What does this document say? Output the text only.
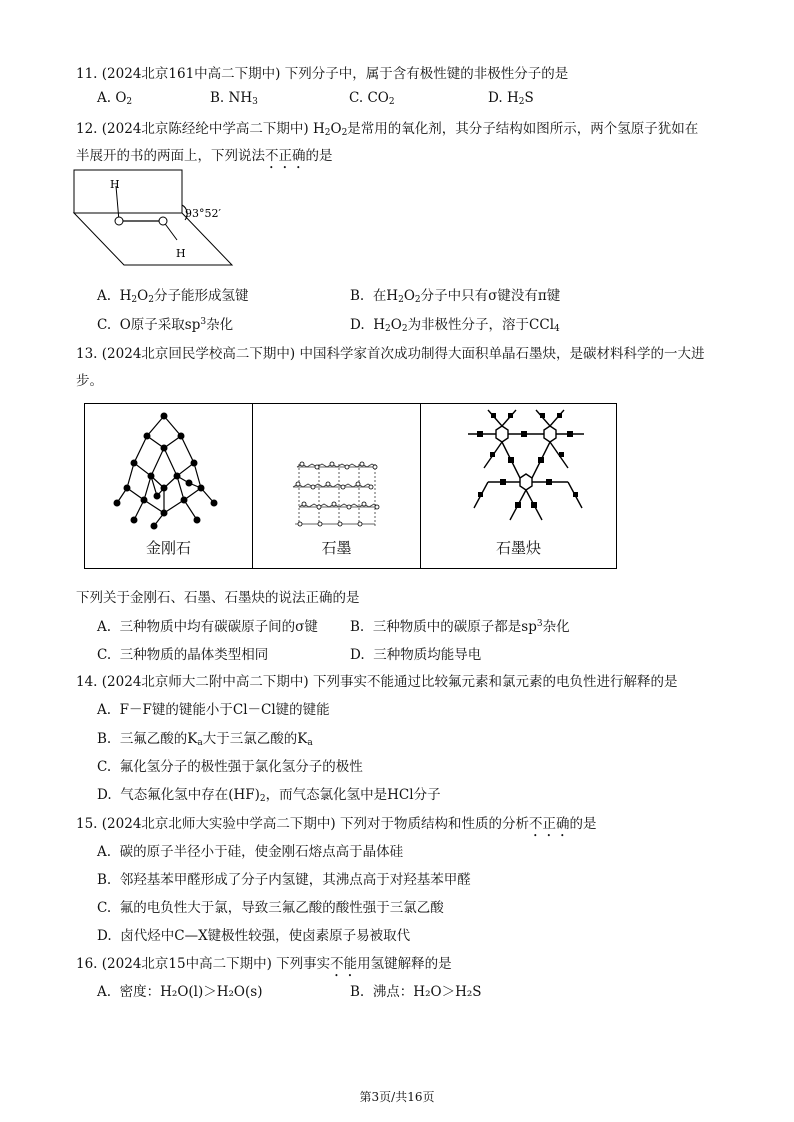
11. (2024北京161中高二下期中) 下列分子中，属于含有极性键的非极性分子的是
A. $O_2$	B. $NH_3$	C. $CO_2$	D. $H_2S$
12. (2024北京陈经纶中学高二下期中) $H_2O_2$是常用的氧化剂，其分子结构如图所示，两个氢原子犹如在
半展开的书的两面上，下列说法不正确的是
H
H
93°52′
A. $H_2O_2$分子能形成氢键	B. 在$H_2O_2$分子中只有σ键没有π键
C. O原子采取$sp^3$杂化	D. $H_2O_2$为非极性分子，溶于CCl$_4$
13. (2024北京回民学校高二下期中) 中国科学家首次成功制得大面积单晶石墨炔，是碳材料科学的一大进
步。
金刚石	石墨	石墨炔
下列关于金刚石、石墨、石墨炔的说法正确的是
A. 三种物质中均有碳碳原子间的σ键 B. 三种物质中的碳原子都是$sp^3$杂化
C. 三种物质的晶体类型相同	D. 三种物质均能导电
14. (2024北京师大二附中高二下期中) 下列事实不能通过比较氟元素和氯元素的电负性进行解释的是
A. F－F键的键能小于Cl－Cl键的键能
B. 三氟乙酸的$K_a$大于三氯乙酸的$K_a$
C. 氟化氢分子的极性强于氯化氢分子的极性
D. 气态氟化氢中存在$(HF)_2$，而气态氯化氢中是HCl分子
15. (2024北京北师大实验中学高二下期中) 下列对于物质结构和性质的分析不正确的是
A. 碳的原子半径小于硅，使金刚石熔点高于晶体硅
B. 邻羟基苯甲醛形成了分子内氢键，其沸点高于对羟基苯甲醛
C. 氟的电负性大于氯，导致三氟乙酸的酸性强于三氯乙酸
D. 卤代烃中C—X键极性较强，使卤素原子易被取代
16. (2024北京15中高二下期中) 下列事实不能用氢键解释的是
A. 密度：H₂O(l)＞H₂O(s)	B. 沸点：H₂O＞H₂S
第3页/共16页
